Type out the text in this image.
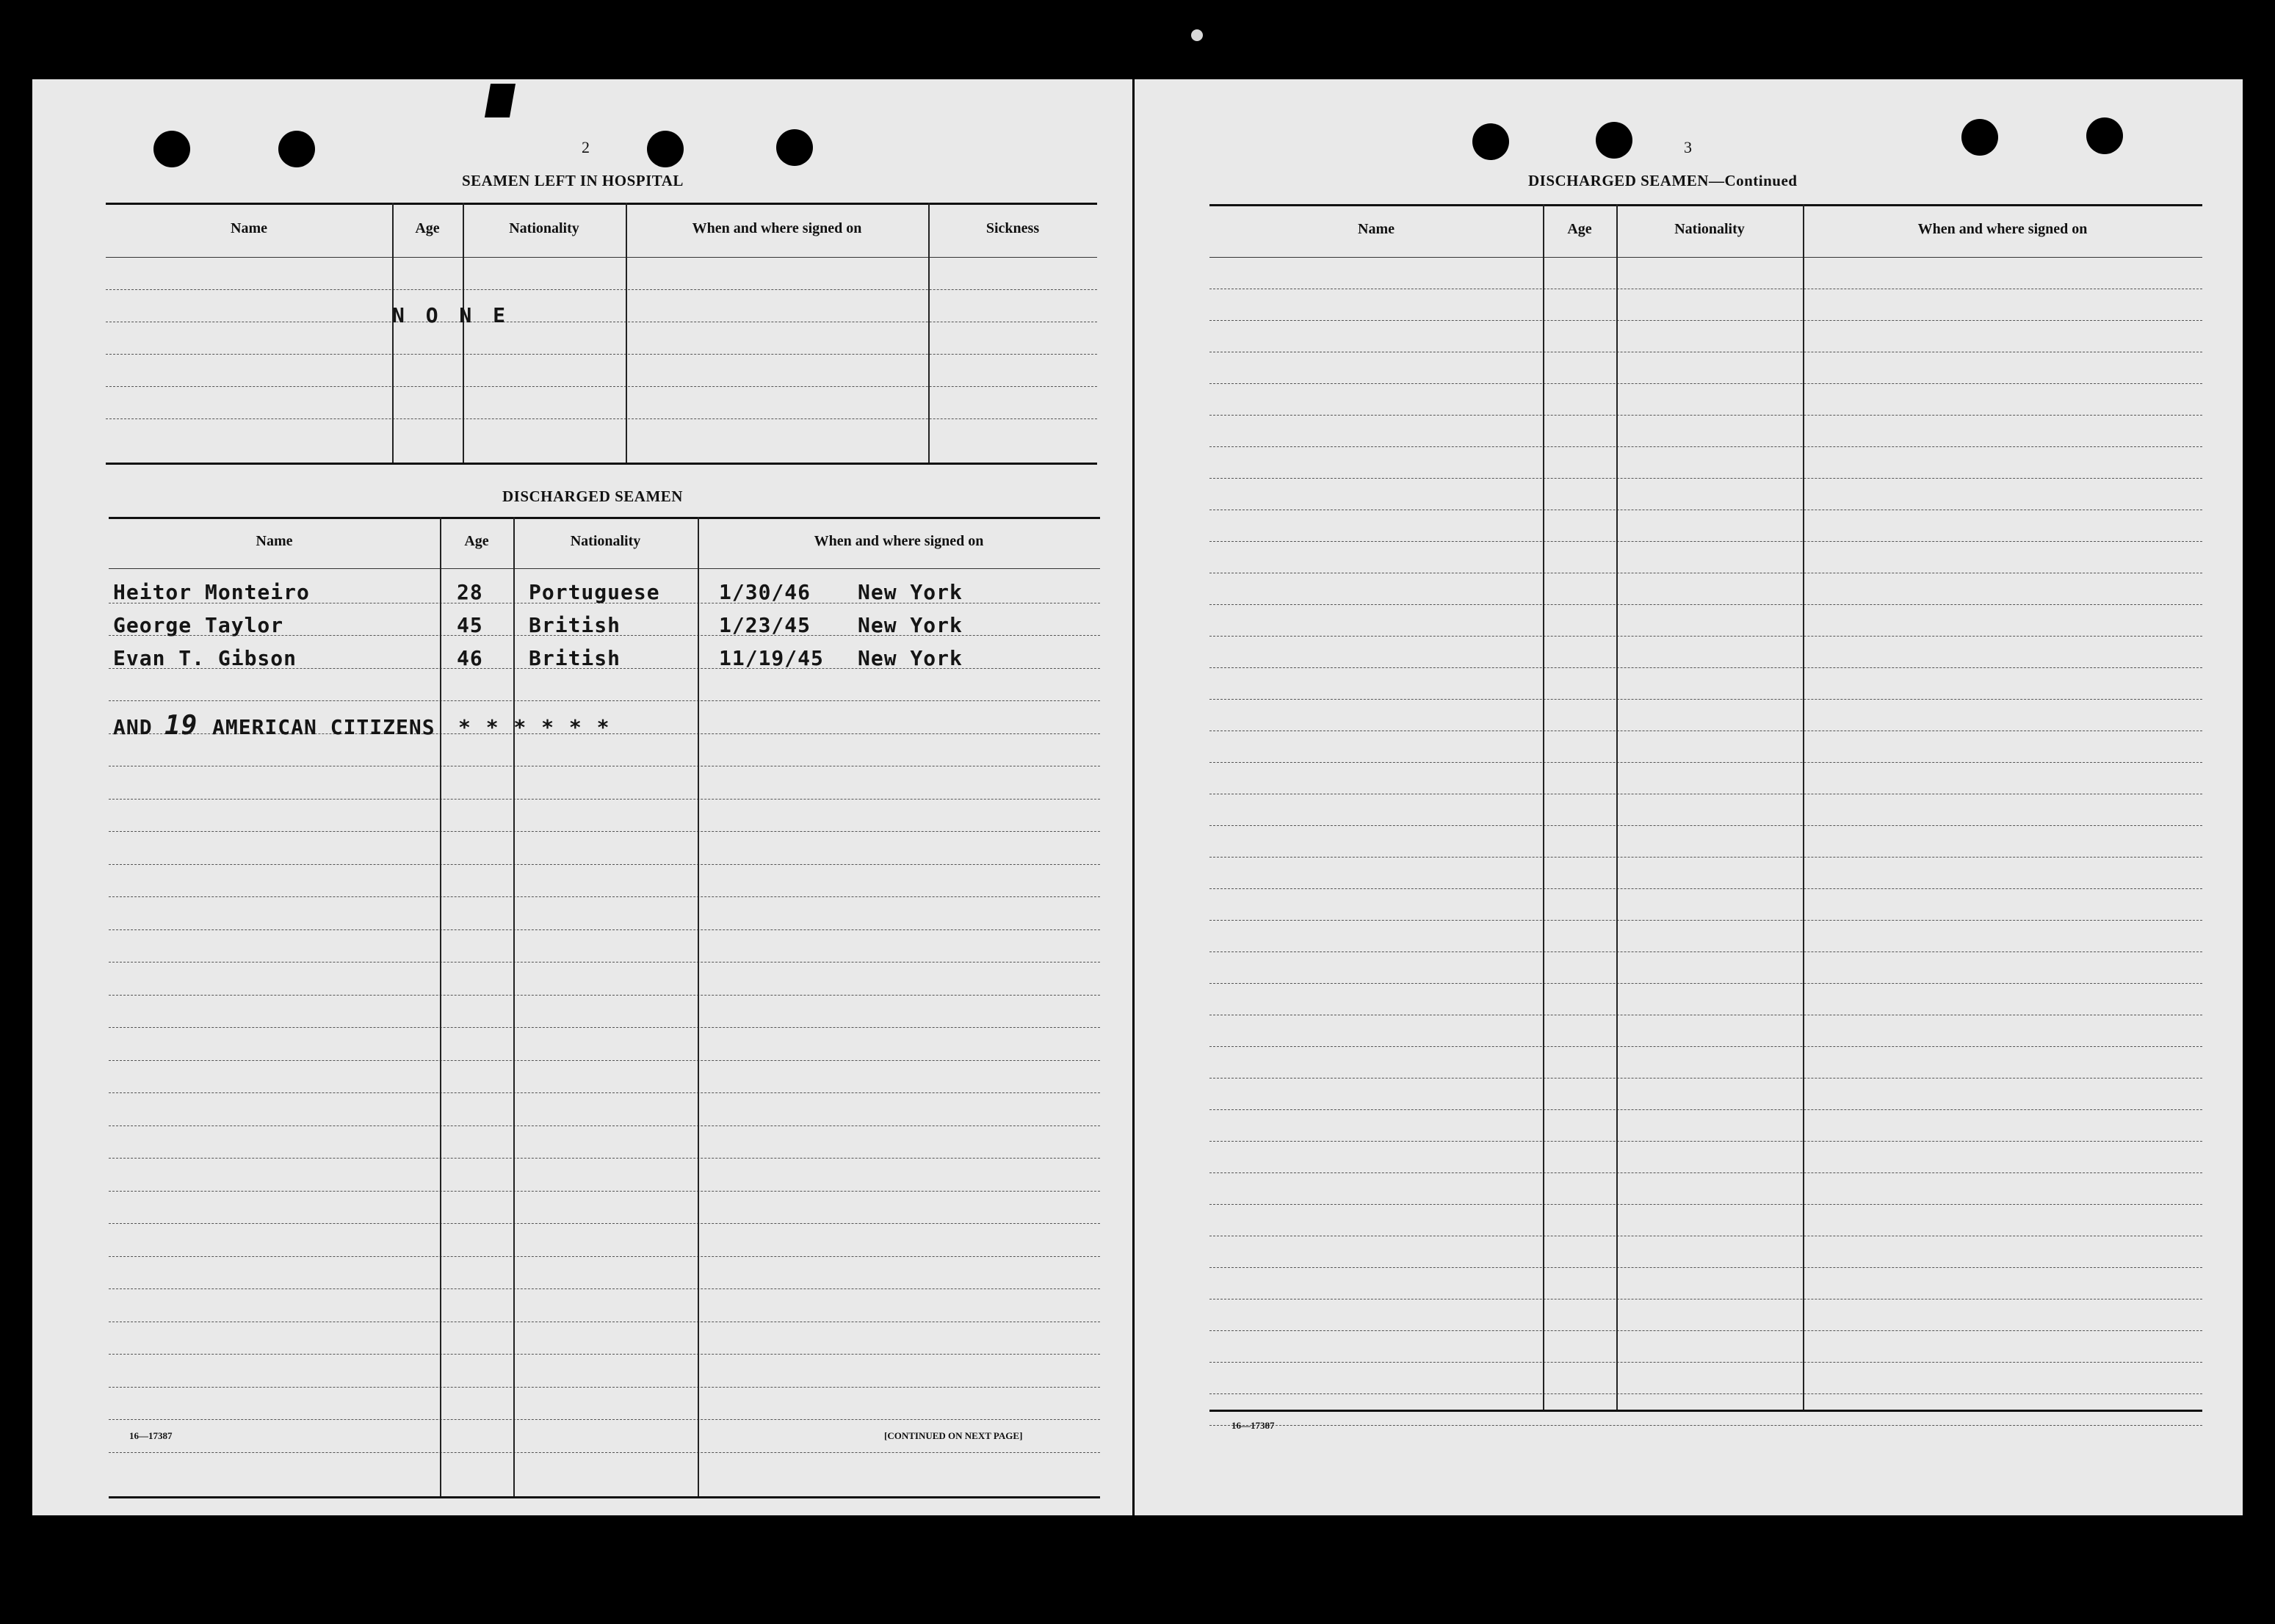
2
SEAMEN LEFT IN HOSPITAL
Name	Age	Nationality	When and where signed on	Sickness
N O N E
DISCHARGED SEAMEN
Name	Age	Nationality	When and where signed on
Heitor Monteiro	28 Portuguese	1/30/46 New York
George Taylor	45 British	1/23/45 New York
Evan T. Gibson	46 British	11/19/45 New York
AND 19 AMERICAN CITIZENS * * * * * *
16—17387	[CONTINUED ON NEXT PAGE]
3
DISCHARGED SEAMEN—Continued
Name	Age	Nationality	When and where signed on
16—17387
